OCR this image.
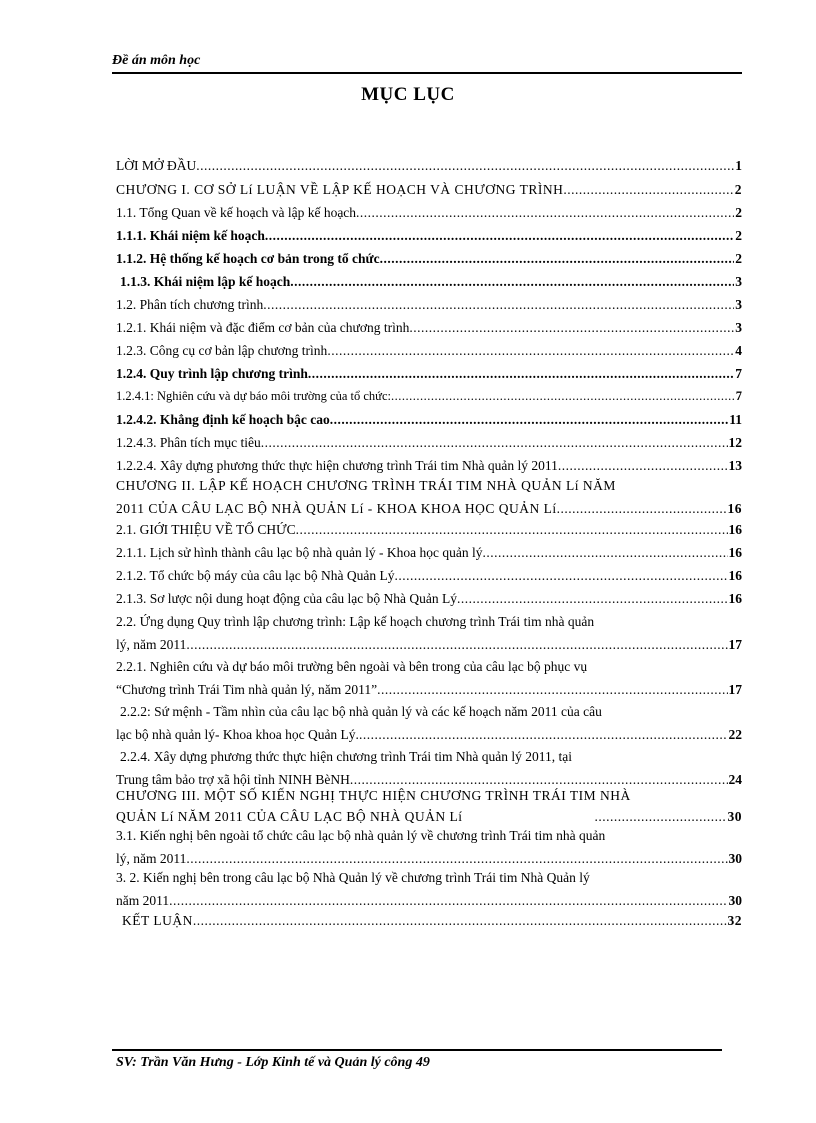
Đề án môn học
MỤC LỤC
LỜI MỞ ĐẦU .....	1
CHƯƠNG I. CƠ SỞ Lí LUẬN VỀ LẬP KẾ HOẠCH VÀ CHƯƠNG TRÌNH .....	2
1.1. Tổng Quan về kế hoạch và lập kế hoạch .....	2
1.1.1. Khái niệm kế hoạch .....	2
1.1.2. Hệ thống kế hoạch cơ bản trong tổ chức .....	2
1.1.3. Khái niệm lập kế hoạch .....	3
1.2. Phân tích chương trình .....	3
1.2.1. Khái niệm và đặc điểm cơ bản của chương trình .....	3
1.2.3. Công cụ cơ bản lập chương trình .....	4
1.2.4. Quy trình lập chương trình .....	7
1.2.4.1: Nghiên cứu và dự báo môi trường của tổ chức: .....	7
1.2.4.2. Khẳng định kế hoạch bậc cao .....	11
1.2.4.3. Phân tích mục tiêu .....	12
1.2.2.4. Xây dựng phương thức thực hiện chương trình Trái tim Nhà quản lý 2011 .....	13
CHƯƠNG II. LẬP KẾ HOẠCH CHƯƠNG TRÌNH TRÁI TIM NHÀ QUẢN Lí NĂM
2011 CỦA CÂU LẠC BỘ NHÀ QUẢN Lí - KHOA KHOA HỌC QUẢN Lí .....	16
2.1. GIỚI THIỆU VỀ TỔ CHỨC .....	16
2.1.1. Lịch sử hình thành câu lạc bộ nhà quản lý - Khoa học quản lý .....	16
2.1.2. Tổ chức bộ máy của câu lạc bộ Nhà Quản Lý .....	16
2.1.3. Sơ lược nội dung hoạt động của câu lạc bộ Nhà Quản Lý .....	16
2.2. Ứng dụng Quy trình lập chương trình: Lập kế hoạch chương trình Trái tim nhà quản
lý, năm 2011 .....	17
2.2.1. Nghiên cứu và dự báo môi trường bên ngoài và bên trong của câu lạc bộ phục vụ
“Chương trình Trái Tim nhà quản lý, năm 2011” .....	17
2.2.2: Sứ mệnh - Tầm nhìn của câu lạc bộ nhà quản lý và các kế hoạch năm 2011 của câu
lạc bộ nhà quản lý- Khoa khoa học Quản Lý. .....	22
2.2.4. Xây dựng phương thức thực hiện chương trình Trái tim Nhà quản lý 2011, tại
Trung tâm bảo trợ xã hội tỉnh NINH BèNH .....	24
CHƯƠNG III. MỘT SỐ KIẾN NGHỊ THỰC HIỆN CHƯƠNG TRÌNH TRÁI TIM NHÀ
QUẢN Lí NĂM 2011 CỦA CÂU LẠC BỘ NHÀ QUẢN Lí .....	30
3.1. Kiến nghị bên ngoài tổ chức câu lạc bộ nhà quản lý về chương trình Trái tim nhà quản
lý, năm 2011 .....	30
3. 2. Kiến nghị bên trong câu lạc bộ Nhà Quản lý về chương trình Trái tim Nhà Quản lý
năm 2011 .....	30
KẾT LUẬN .....	32
SV: Trần Văn Hưng - Lớp Kinh tế và Quản lý công 49
